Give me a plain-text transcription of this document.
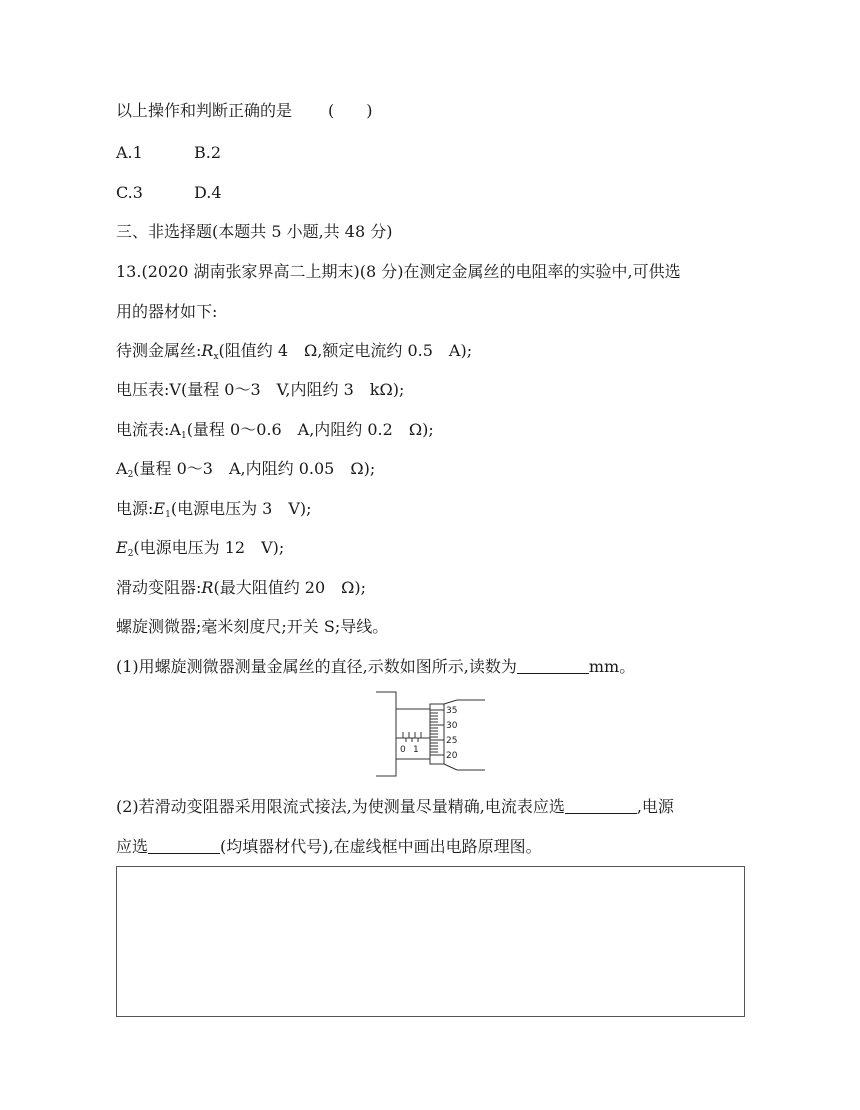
以上操作和判断正确的是 (　　)
A.1	B.2
C.3	D.4
三、非选择题(本题共 5 小题,共 48 分)
13.(2020 湖南张家界高二上期末)(8 分)在测定金属丝的电阻率的实验中,可供选
用的器材如下:
待测金属丝$:R_x$(阻值约 4　Ω,额定电流约 0.5　A);
电压表:V(量程 0～3　V,内阻约 3　kΩ);
电流表$:A_1$(量程 0～0.6　A,内阻约 0.2　Ω);
$A_2$(量程 0～3　A,内阻约 0.05　Ω);
电源$:E_1$(电源电压为 3　V);
$E_2$(电源电压为 12　V);
滑动变阻器:R(最大阻值约 20　Ω);
螺旋测微器;毫米刻度尺;开关 S;导线。
(1)用螺旋测微器测量金属丝的直径,示数如图所示,读数为	mm。
0 1
35
30
25
20
(2)若滑动变阻器采用限流式接法,为使测量尽量精确,电流表应选	,电源
应选	(均填器材代号),在虚线框中画出电路原理图。
